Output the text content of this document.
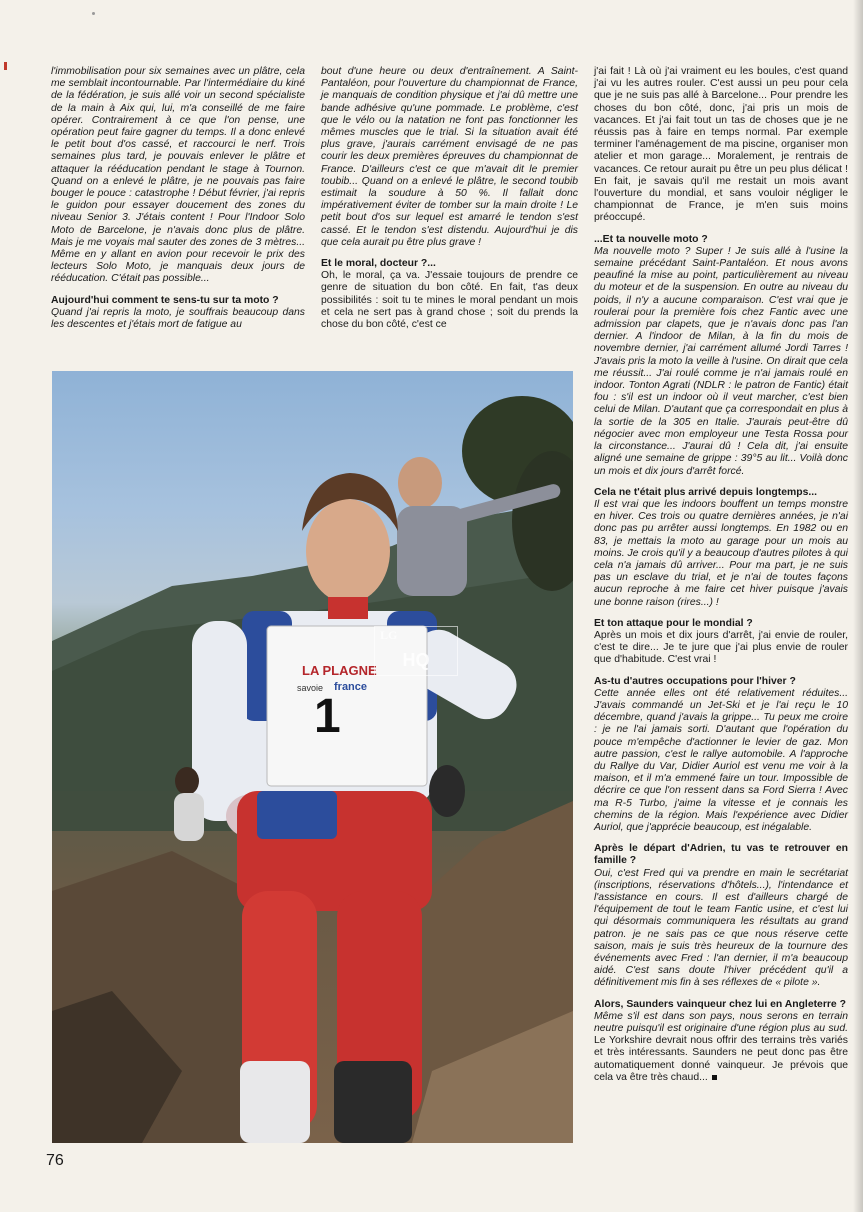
l'immobilisation pour six semaines avec un plâtre, cela me semblait incontournable. Par l'intermédiaire du kiné de la fédération, je suis allé voir un second spécialiste de la main à Aix qui, lui, m'a conseillé de me faire opérer. Contrairement à ce que l'on pense, une opération peut faire gagner du temps. Il a donc enlevé le petit bout d'os cassé, et raccourci le nerf. Trois semaines plus tard, je pouvais enlever le plâtre et attaquer la rééducation pendant le stage à Tournon. Quand on a enlevé le plâtre, je ne pouvais pas faire bouger le pouce : catastrophe ! Début février, j'ai repris le guidon pour essayer doucement des zones du niveau Senior 3. J'étais content ! Pour l'Indoor Solo Moto de Barcelone, je n'avais donc plus de plâtre. Mais je me voyais mal sauter des zones de 3 mètres... Même en y allant en avion pour recevoir le prix des lecteurs Solo Moto, je manquais deux jours de rééducation. C'était pas possible...

Aujourd'hui comment te sens-tu sur ta moto ?

Quand j'ai repris la moto, je souffrais beaucoup dans les descentes et j'étais mort de fatigue au

bout d'une heure ou deux d'entraînement. A Saint-Pantaléon, pour l'ouverture du championnat de France, je manquais de condition physique et j'ai dû mettre une bande adhésive qu'une pommade. Le problème, c'est que le vélo ou la natation ne font pas fonctionner les mêmes muscles que le trial. Si la situation avait été plus grave, j'aurais carrément envisagé de ne pas courir les deux premières épreuves du championnat de France. D'ailleurs c'est ce que m'avait dit le premier toubib... Quand on a enlevé le plâtre, le second toubib estimait la soudure à 50 %. Il fallait donc impérativement éviter de tomber sur la main droite ! Le petit bout d'os sur lequel est amarré le tendon s'est cassé. Et le tendon s'est distendu. Aujourd'hui je dis que cela aurait pu être plus grave !

Et le moral, docteur ?...

Oh, le moral, ça va. J'essaie toujours de prendre ce genre de situation du bon côté. En fait, t'as deux possibilités : soit tu te mines le moral pendant un mois et cela ne sert pas à grand chose ; soit du prends la chose du bon côté, c'est ce

j'ai fait ! Là où j'ai vraiment eu les boules, c'est quand j'ai vu les autres rouler. C'est aussi un peu pour cela que je ne suis pas allé à Barcelone... Pour prendre les choses du bon côté, donc, j'ai pris un mois de vacances. Et j'ai fait tout un tas de choses que je ne réussis pas à faire en temps normal. Par exemple terminer l'aménagement de ma piscine, organiser mon atelier et mon garage... Moralement, je rentrais de vacances. Ce retour aurait pu être un peu plus délicat ! En fait, je savais qu'il me restait un mois avant l'ouverture du mondial, et sans vouloir négliger le championnat de France, je m'en suis moins préoccupé.

...Et ta nouvelle moto ?

Ma nouvelle moto ? Super ! Je suis allé à l'usine la semaine précédant Saint-Pantaléon. Et nous avons peaufiné la mise au point, particulièrement au niveau du moteur et de la suspension. En outre au niveau du poids, il n'y a aucune comparaison. C'est vrai que je roulerai pour la première fois chez Fantic avec une admission par clapets, que je n'avais donc pas l'an dernier. A l'indoor de Milan, à la fin du mois de novembre dernier, j'ai carrément allumé Jordi Tarres ! J'avais pris la moto la veille à l'usine. On dirait que cela me réussit... J'ai roulé comme je n'ai jamais roulé en indoor. Tonton Agrati (NDLR : le patron de Fantic) était fou : s'il est un indoor où il veut marcher, c'est bien celui de Milan. D'autant que ça correspondait en plus à la sortie de la 305 en Italie. J'aurais peut-être dû négocier avec mon employeur une Testa Rossa pour la circonstance... J'aurai dû ! Cela dit, j'ai ensuite aligné une semaine de grippe : 39°5 au lit... Voilà donc un mois et dix jours d'arrêt forcé.

Cela ne t'était plus arrivé depuis longtemps...

Il est vrai que les indoors bouffent un temps monstre en hiver. Ces trois ou quatre dernières années, je n'ai donc pas pu arrêter aussi longtemps. En 1982 ou en 83, je mettais la moto au garage pour un mois au moins. Je crois qu'il y a beaucoup d'autres pilotes à qui cela n'a jamais dû arriver... Pour ma part, je ne suis pas un esclave du trial, et je n'ai de toutes façons aucun reproche à me faire cet hiver puisque j'avais une bonne raison (rires...) !

Et ton attaque pour le mondial ?

Après un mois et dix jours d'arrêt, j'ai envie de rouler, c'est te dire... Je te jure que j'ai plus envie de rouler que d'habitude. C'est vrai !

As-tu d'autres occupations pour l'hiver ?

Cette année elles ont été relativement réduites... J'avais commandé un Jet-Ski et je l'ai reçu le 10 décembre, quand j'avais la grippe... Tu peux me croire : je ne l'ai jamais sorti. D'autant que l'opération du pouce m'empêche d'actionner le levier de gaz. Mon autre passion, c'est le rallye automobile. A l'approche du Rallye du Var, Didier Auriol est venu me voir à la maison, et il m'a emmené faire un tour. Impossible de décrire ce que l'on ressent dans sa Ford Sierra ! Avec ma R-5 Turbo, j'aime la vitesse et je connais les chemins de la région. Mais l'expérience avec Didier Auriol, que j'apprécie beaucoup, est inégalable.

Après le départ d'Adrien, tu vas te retrouver en famille ?

Oui, c'est Fred qui va prendre en main le secrétariat (inscriptions, réservations d'hôtels...), l'intendance et l'assistance en cours. Il est d'ailleurs chargé de l'équipement de tout le team Fantic usine, et c'est lui qui désormais communiquera les résultats au grand patron. je ne sais pas ce que nous réserve cette saison, mais je suis très heureux de la tournure des événements avec Fred : l'an dernier, il m'a beaucoup aidé. C'est sans doute l'hiver précédent qu'il a définitivement mis fin à ses réflexes de « pilote ».

Alors, Saunders vainqueur chez lui en Angleterre ?

Même s'il est dans son pays, nous serons en terrain neutre puisqu'il est originaire d'une région plus au sud. Le Yorkshire devrait nous offrir des terrains très variés et très intéressants. Saunders ne peut donc pas être automatiquement donné vainqueur. Je prévois que cela va être très chaud...

LA PLAGNE
savoie france
1
HQ
LG
76
